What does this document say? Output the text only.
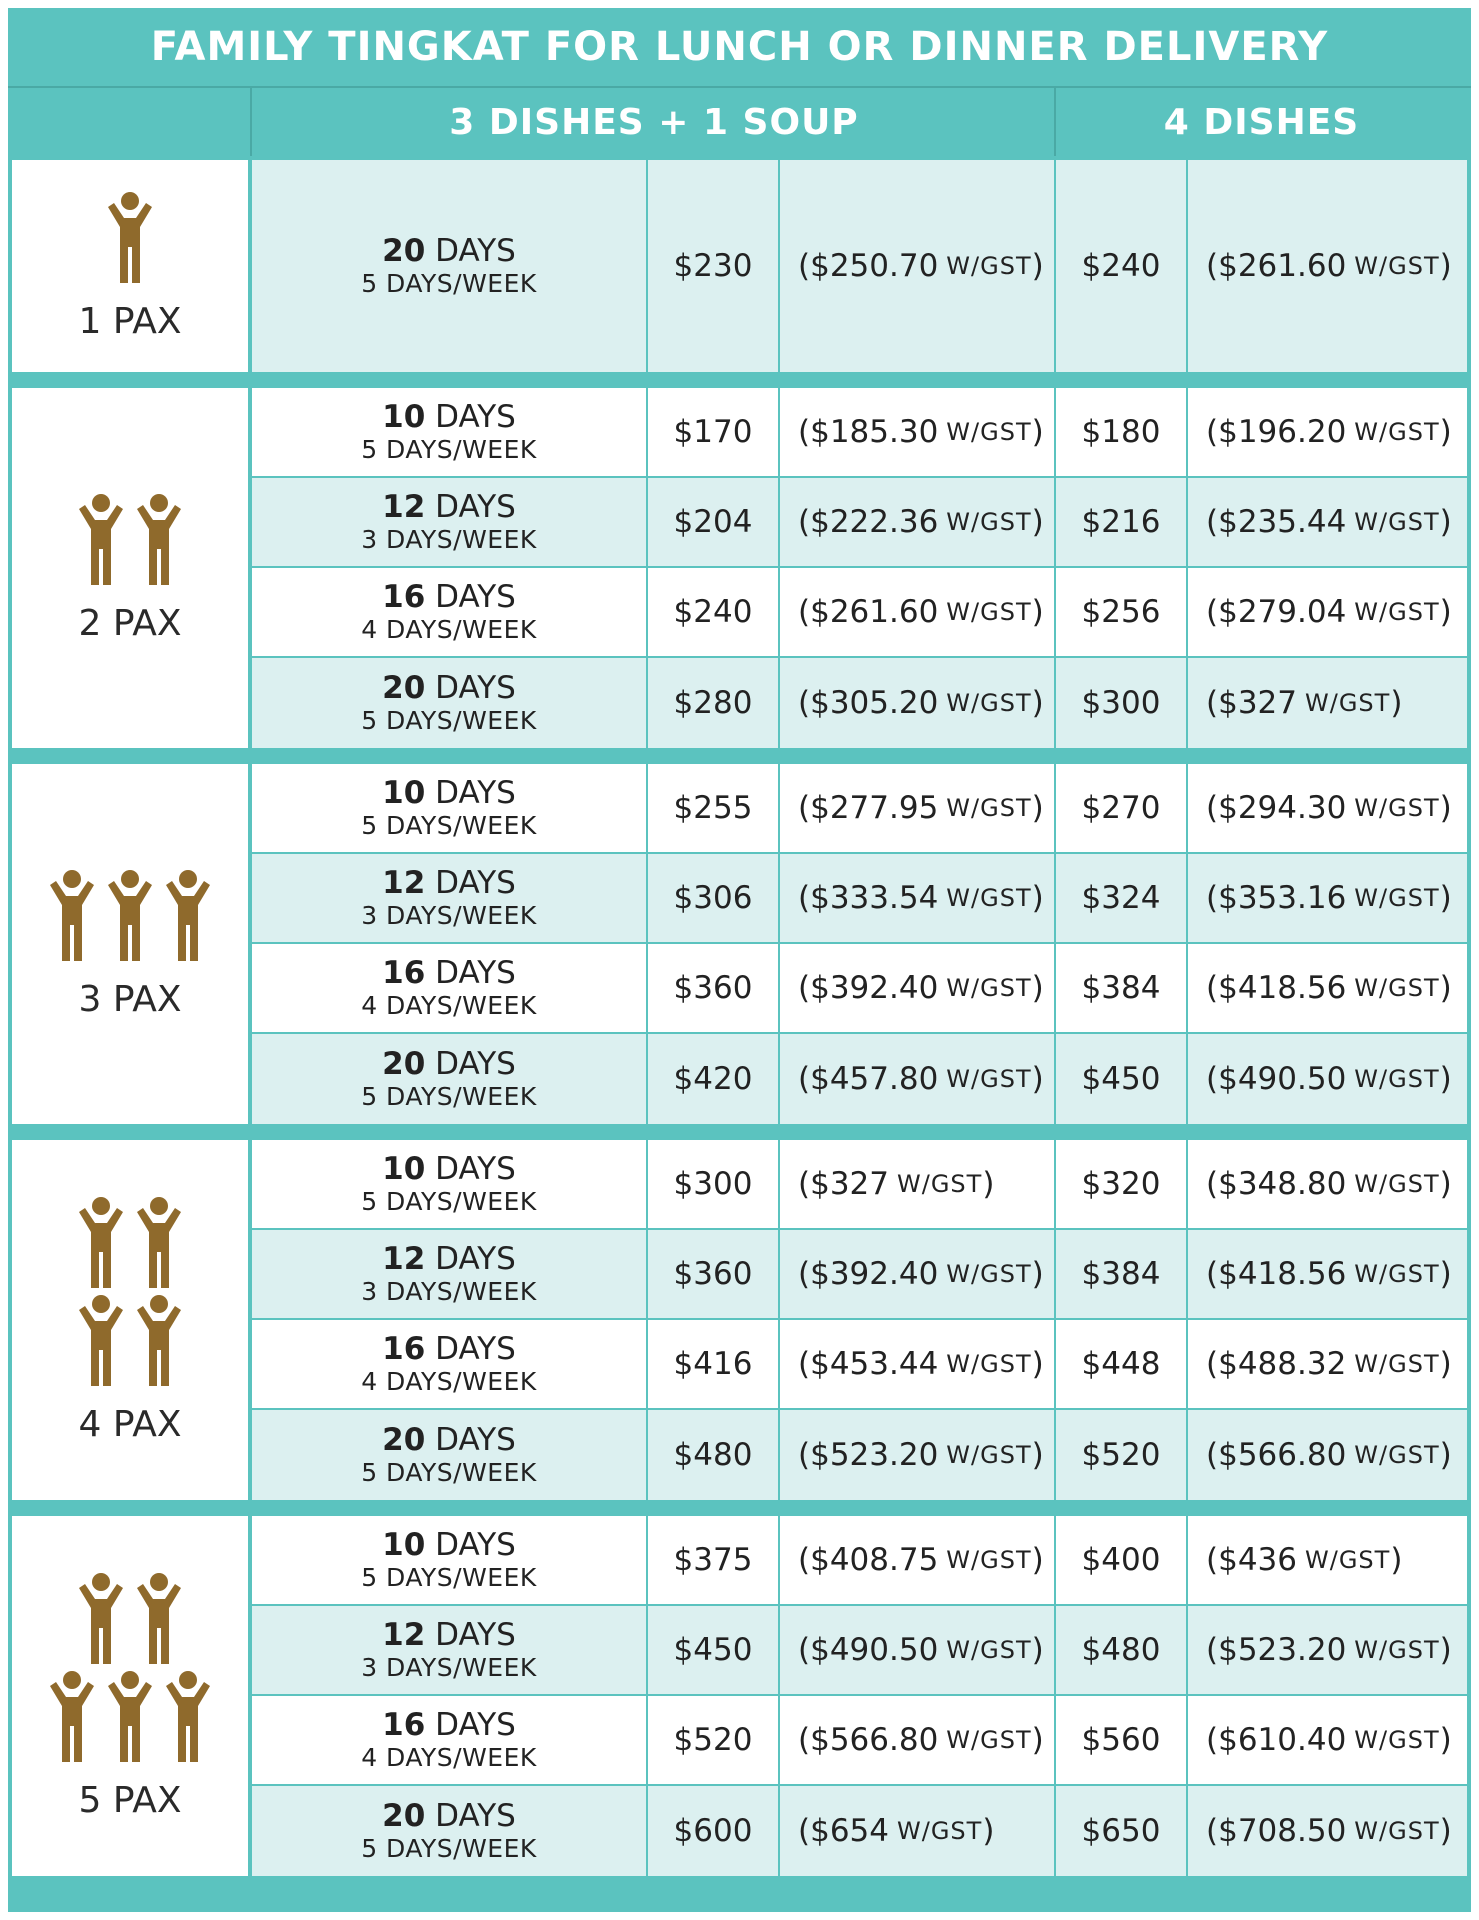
FAMILY TINGKAT FOR LUNCH OR DINNER DELIVERY
3 DISHES + 1 SOUP	4 DISHES
1 PAX
20 DAYS
5 DAYS/WEEK	$230	($250.70 W/GST )	$240	($261.60 W/GST )
2 PAX
10 DAYS
5 DAYS/WEEK	$170	($185.30 W/GST )	$180	($196.20 W/GST )
12 DAYS
3 DAYS/WEEK	$204	($222.36 W/GST )	$216	($235.44 W/GST )
16 DAYS
4 DAYS/WEEK	$240	($261.60 W/GST )	$256	($279.04 W/GST )
20 DAYS
5 DAYS/WEEK	$280	($305.20 W/GST )	$300	($327 W/GST )
3 PAX
10 DAYS
5 DAYS/WEEK	$255	($277.95 W/GST )	$270	($294.30 W/GST )
12 DAYS
3 DAYS/WEEK	$306	($333.54 W/GST )	$324	($353.16 W/GST )
16 DAYS
4 DAYS/WEEK	$360	($392.40 W/GST )	$384	($418.56 W/GST )
20 DAYS
5 DAYS/WEEK	$420	($457.80 W/GST )	$450	($490.50 W/GST )
4 PAX
10 DAYS
5 DAYS/WEEK	$300	($327 W/GST )	$320	($348.80 W/GST )
12 DAYS
3 DAYS/WEEK	$360	($392.40 W/GST )	$384	($418.56 W/GST )
16 DAYS
4 DAYS/WEEK	$416	($453.44 W/GST )	$448	($488.32 W/GST )
20 DAYS
5 DAYS/WEEK	$480	($523.20 W/GST )	$520	($566.80 W/GST )
5 PAX
10 DAYS
5 DAYS/WEEK	$375	($408.75 W/GST )	$400	($436 W/GST )
12 DAYS
3 DAYS/WEEK	$450	($490.50 W/GST )	$480	($523.20 W/GST )
16 DAYS
4 DAYS/WEEK	$520	($566.80 W/GST )	$560	($610.40 W/GST )
20 DAYS
5 DAYS/WEEK	$600	($654 W/GST )	$650	($708.50 W/GST )
